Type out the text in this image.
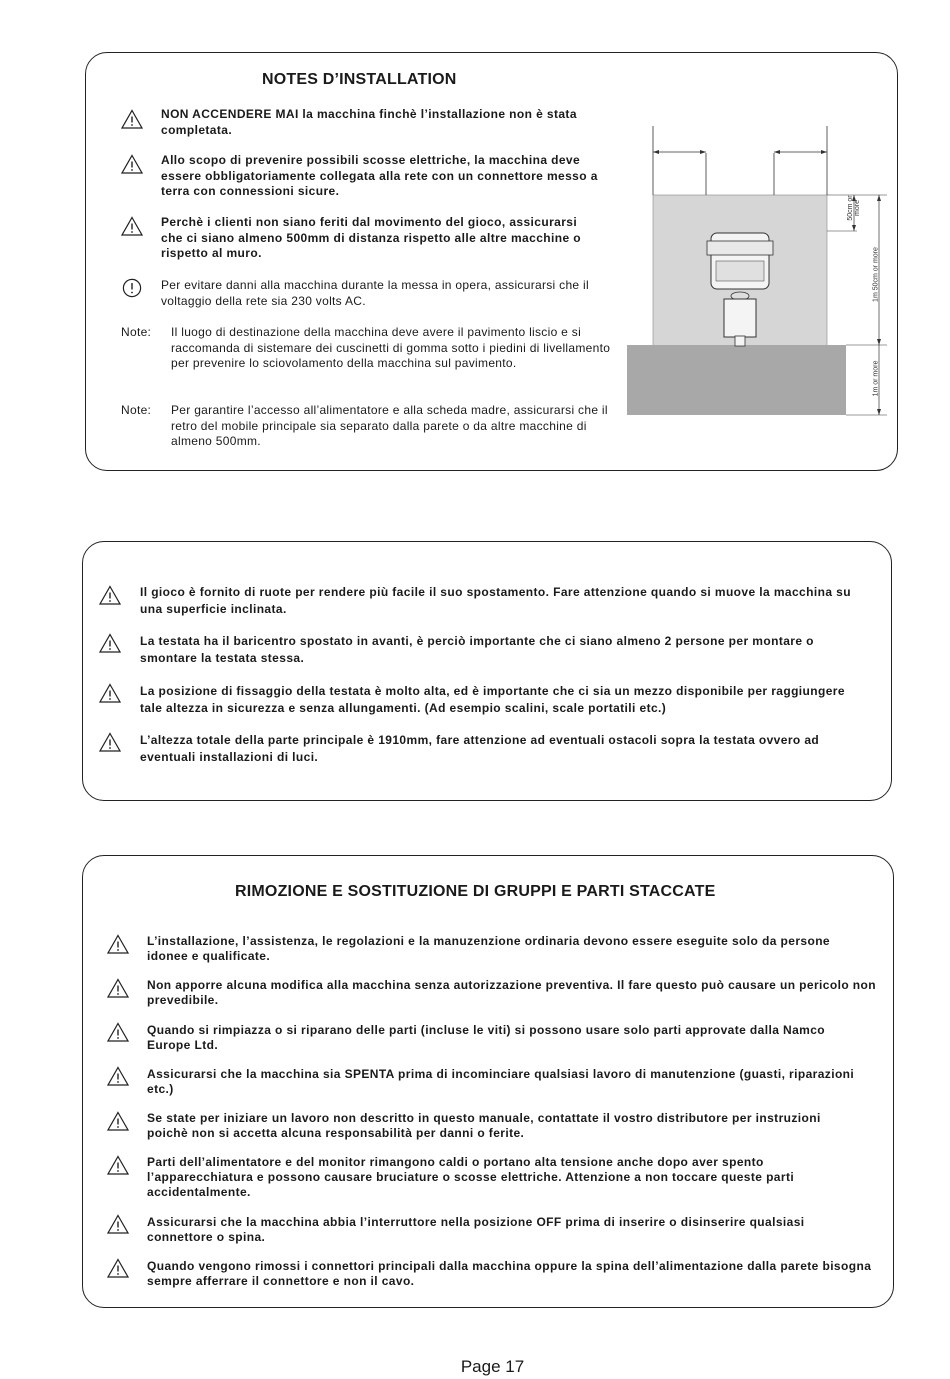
NOTES D’INSTALLATION
NON ACCENDERE MAI la macchina finchè l’installazione non è stata completata.
Allo scopo di prevenire possibili scosse elettriche, la macchina deve essere obbligatoriamente collegata alla rete con un connettore messo a terra con connessioni sicure.
Perchè i clienti non siano feriti dal movimento del gioco, assicurarsi che ci siano almeno 500mm di distanza rispetto alle altre macchine o rispetto al muro.
Per evitare danni alla macchina durante la messa in opera, assicurarsi che il voltaggio della rete sia 230 volts AC.
Note: Il luogo di destinazione della macchina deve avere il pavimento liscio e si raccomanda di sistemare dei cuscinetti di gomma sotto i piedini di livellamento per prevenire lo sciovolamento della macchina sul pavimento.
Note: Per garantire l’accesso all’alimentatore e alla scheda madre, assicurarsi che il retro del mobile principale sia separato dalla parete o da altre macchine di almeno 500mm.
50cm or more
1m 50cm or more
1m or more
Il gioco è fornito di ruote per rendere più facile il suo spostamento. Fare attenzione quando si muove la macchina su una superficie inclinata.
La testata ha il baricentro spostato in avanti, è perciò importante che ci siano almeno 2 persone per montare o smontare la testata stessa.
La posizione di fissaggio della testata è molto alta, ed è importante che ci sia un mezzo disponibile per raggiungere tale altezza in sicurezza e senza allungamenti. (Ad esempio scalini, scale portatili etc.)
L’altezza totale della parte principale è 1910mm, fare attenzione ad eventuali ostacoli sopra la testata ovvero ad eventuali installazioni di luci.
RIMOZIONE E SOSTITUZIONE DI GRUPPI E PARTI STACCATE
L’installazione, l’assistenza, le regolazioni e la manuzenzione ordinaria devono essere eseguite solo da persone idonee e qualificate.
Non apporre alcuna modifica alla macchina senza autorizzazione preventiva. Il fare questo può causare un pericolo non prevedibile.
Quando si rimpiazza o si riparano delle parti (incluse le viti) si possono usare solo parti approvate dalla Namco Europe Ltd.
Assicurarsi che la macchina sia SPENTA prima di incominciare qualsiasi lavoro di manutenzione (guasti, riparazioni etc.)
Se state per iniziare un lavoro non descritto in questo manuale, contattate il vostro distributore per instruzioni poichè non si accetta alcuna responsabilità per danni o ferite.
Parti dell’alimentatore e del monitor rimangono caldi o portano alta tensione anche dopo aver spento l’apparecchiatura e possono causare bruciature o scosse elettriche. Attenzione a non toccare queste parti accidentalmente.
Assicurarsi che la macchina abbia l’interruttore nella posizione OFF prima di inserire o disinserire qualsiasi connettore o spina.
Quando vengono rimossi i connettori principali dalla macchina oppure la spina dell’alimentazione dalla parete bisogna sempre afferrare il connettore e non il cavo.
Page 17
